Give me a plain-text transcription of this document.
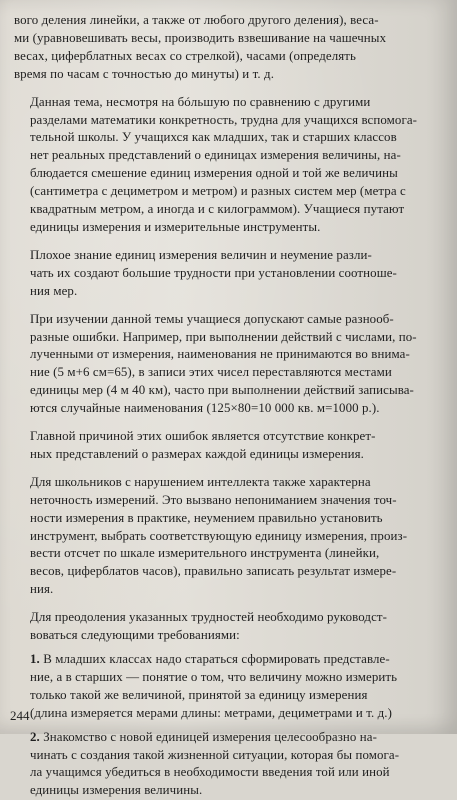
вого деления линейки, а также от любого другого деления), веса-
ми (уравновешивать весы, производить взвешивание на чашечных
весах, циферблатных весах со стрелкой), часами (определять
время по часам с точностью до минуты) и т. д.
Данная тема, несмотря на бóльшую по сравнению с другими
разделами математики конкретность, трудна для учащихся вспомога-
тельной школы. У учащихся как младших, так и старших классов
нет реальных представлений о единицах измерения величины, на-
блюдается смешение единиц измерения одной и той же величины
(сантиметра с дециметром и метром) и разных систем мер (метра с
квадратным метром, а иногда и с килограммом). Учащиеся путают
единицы измерения и измерительные инструменты.
Плохое знание единиц измерения величин и неумение разли-
чать их создают большие трудности при установлении соотноше-
ния мер.
При изучении данной темы учащиеся допускают самые разнооб-
разные ошибки. Например, при выполнении действий с числами, по-
лученными от измерения, наименования не принимаются во внима-
ние (5 м+6 см=65), в записи этих чисел переставляются местами
единицы мер (4 м 40 км), часто при выполнении действий записыва-
ются случайные наименования (125×80=10 000 кв. м=1000 р.).
Главной причиной этих ошибок является отсутствие конкрет-
ных представлений о размерах каждой единицы измерения.
Для школьников с нарушением интеллекта также характерна
неточность измерений. Это вызвано непониманием значения точ-
ности измерения в практике, неумением правильно установить
инструмент, выбрать соответствующую единицу измерения, произ-
вести отсчет по шкале измерительного инструмента (линейки,
весов, циферблатов часов), правильно записать результат измере-
ния.
Для преодоления указанных трудностей необходимо руководст-
воваться следующими требованиями:
1. В младших классах надо стараться сформировать представле-
ние, а в старших — понятие о том, что величину можно измерить
только такой же величиной, принятой за единицу измерения
(длина измеряется мерами длины: метрами, дециметрами и т. д.)
2. Знакомство с новой единицей измерения целесообразно на-
чинать с создания такой жизненной ситуации, которая бы помога-
ла учащимся убедиться в необходимости введения той или иной
единицы измерения величины.
244
